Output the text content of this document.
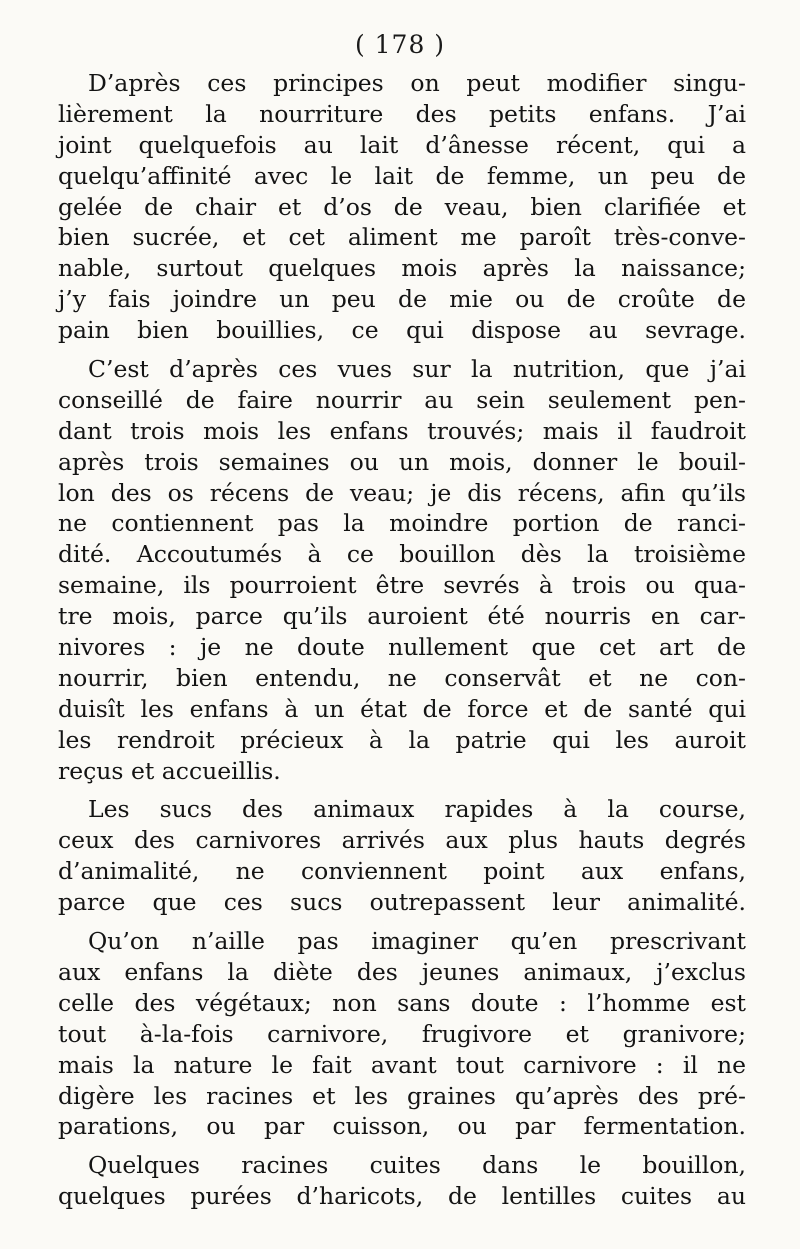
( 178 )
D’après ces principes on peut modifier singu-
lièrement la nourriture des petits enfans. J’ai
joint quelquefois au lait d’ânesse récent, qui a
quelqu’affinité avec le lait de femme, un peu de
gelée de chair et d’os de veau, bien clarifiée et
bien sucrée, et cet aliment me paroît très-conve-
nable, surtout quelques mois après la naissance;
j’y fais joindre un peu de mie ou de croûte de
pain bien bouillies, ce qui dispose au sevrage.
C’est d’après ces vues sur la nutrition, que j’ai
conseillé de faire nourrir au sein seulement pen-
dant trois mois les enfans trouvés; mais il faudroit
après trois semaines ou un mois, donner le bouil-
lon des os récens de veau; je dis récens, afin qu’ils
ne contiennent pas la moindre portion de ranci-
dité. Accoutumés à ce bouillon dès la troisième
semaine, ils pourroient être sevrés à trois ou qua-
tre mois, parce qu’ils auroient été nourris en car-
nivores : je ne doute nullement que cet art de
nourrir, bien entendu, ne conservât et ne con-
duisît les enfans à un état de force et de santé qui
les rendroit précieux à la patrie qui les auroit
reçus et accueillis.
Les sucs des animaux rapides à la course,
ceux des carnivores arrivés aux plus hauts degrés
d’animalité, ne conviennent point aux enfans,
parce que ces sucs outrepassent leur animalité.
Qu’on n’aille pas imaginer qu’en prescrivant
aux enfans la diète des jeunes animaux, j’exclus
celle des végétaux; non sans doute : l’homme est
tout à-la-fois carnivore, frugivore et granivore;
mais la nature le fait avant tout carnivore : il ne
digère les racines et les graines qu’après des pré-
parations, ou par cuisson, ou par fermentation.
Quelques racines cuites dans le bouillon,
quelques purées d’haricots, de lentilles cuites au
